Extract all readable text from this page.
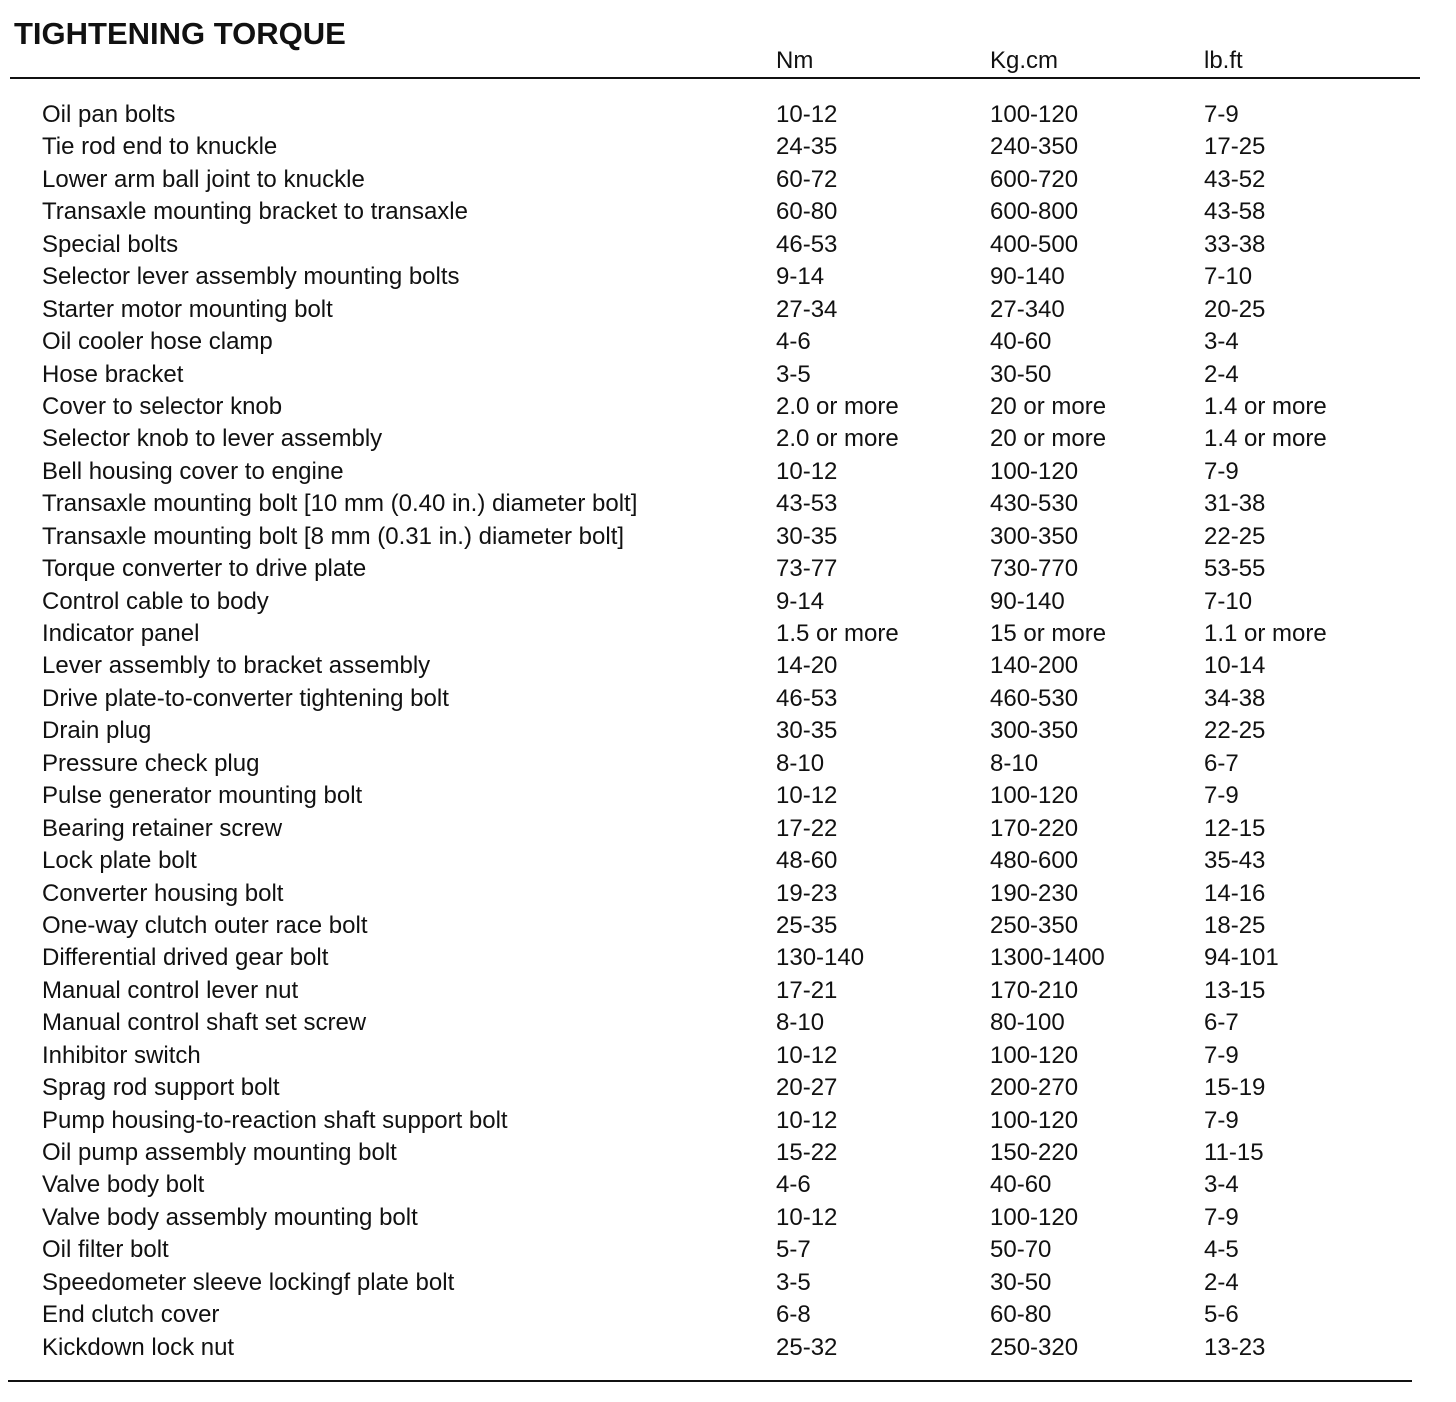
TIGHTENING TORQUE
Nm	Kg.cm	lb.ft
Oil pan bolts	10-12	100-120	7-9
Tie rod end to knuckle	24-35	240-350	17-25
Lower arm ball joint to knuckle	60-72	600-720	43-52
Transaxle mounting bracket to transaxle	60-80	600-800	43-58
Special bolts	46-53	400-500	33-38
Selector lever assembly mounting bolts	9-14	90-140	7-10
Starter motor mounting bolt	27-34	27-340	20-25
Oil cooler hose clamp	4-6	40-60	3-4
Hose bracket	3-5	30-50	2-4
Cover to selector knob	2.0 or more	20 or more	1.4 or more
Selector knob to lever assembly	2.0 or more	20 or more	1.4 or more
Bell housing cover to engine	10-12	100-120	7-9
Transaxle mounting bolt [10 mm (0.40 in.) diameter bolt]	43-53	430-530	31-38
Transaxle mounting bolt [8 mm (0.31 in.) diameter bolt]	30-35	300-350	22-25
Torque converter to drive plate	73-77	730-770	53-55
Control cable to body	9-14	90-140	7-10
Indicator panel	1.5 or more	15 or more	1.1 or more
Lever assembly to bracket assembly	14-20	140-200	10-14
Drive plate-to-converter tightening bolt	46-53	460-530	34-38
Drain plug	30-35	300-350	22-25
Pressure check plug	8-10	8-10	6-7
Pulse generator mounting bolt	10-12	100-120	7-9
Bearing retainer screw	17-22	170-220	12-15
Lock plate bolt	48-60	480-600	35-43
Converter housing bolt	19-23	190-230	14-16
One-way clutch outer race bolt	25-35	250-350	18-25
Differential drived gear bolt	130-140	1300-1400	94-101
Manual control lever nut	17-21	170-210	13-15
Manual control shaft set screw	8-10	80-100	6-7
Inhibitor switch	10-12	100-120	7-9
Sprag rod support bolt	20-27	200-270	15-19
Pump housing-to-reaction shaft support bolt	10-12	100-120	7-9
Oil pump assembly mounting bolt	15-22	150-220	11-15
Valve body bolt	4-6	40-60	3-4
Valve body assembly mounting bolt	10-12	100-120	7-9
Oil filter bolt	5-7	50-70	4-5
Speedometer sleeve lockingf plate bolt	3-5	30-50	2-4
End clutch cover	6-8	60-80	5-6
Kickdown lock nut	25-32	250-320	13-23
